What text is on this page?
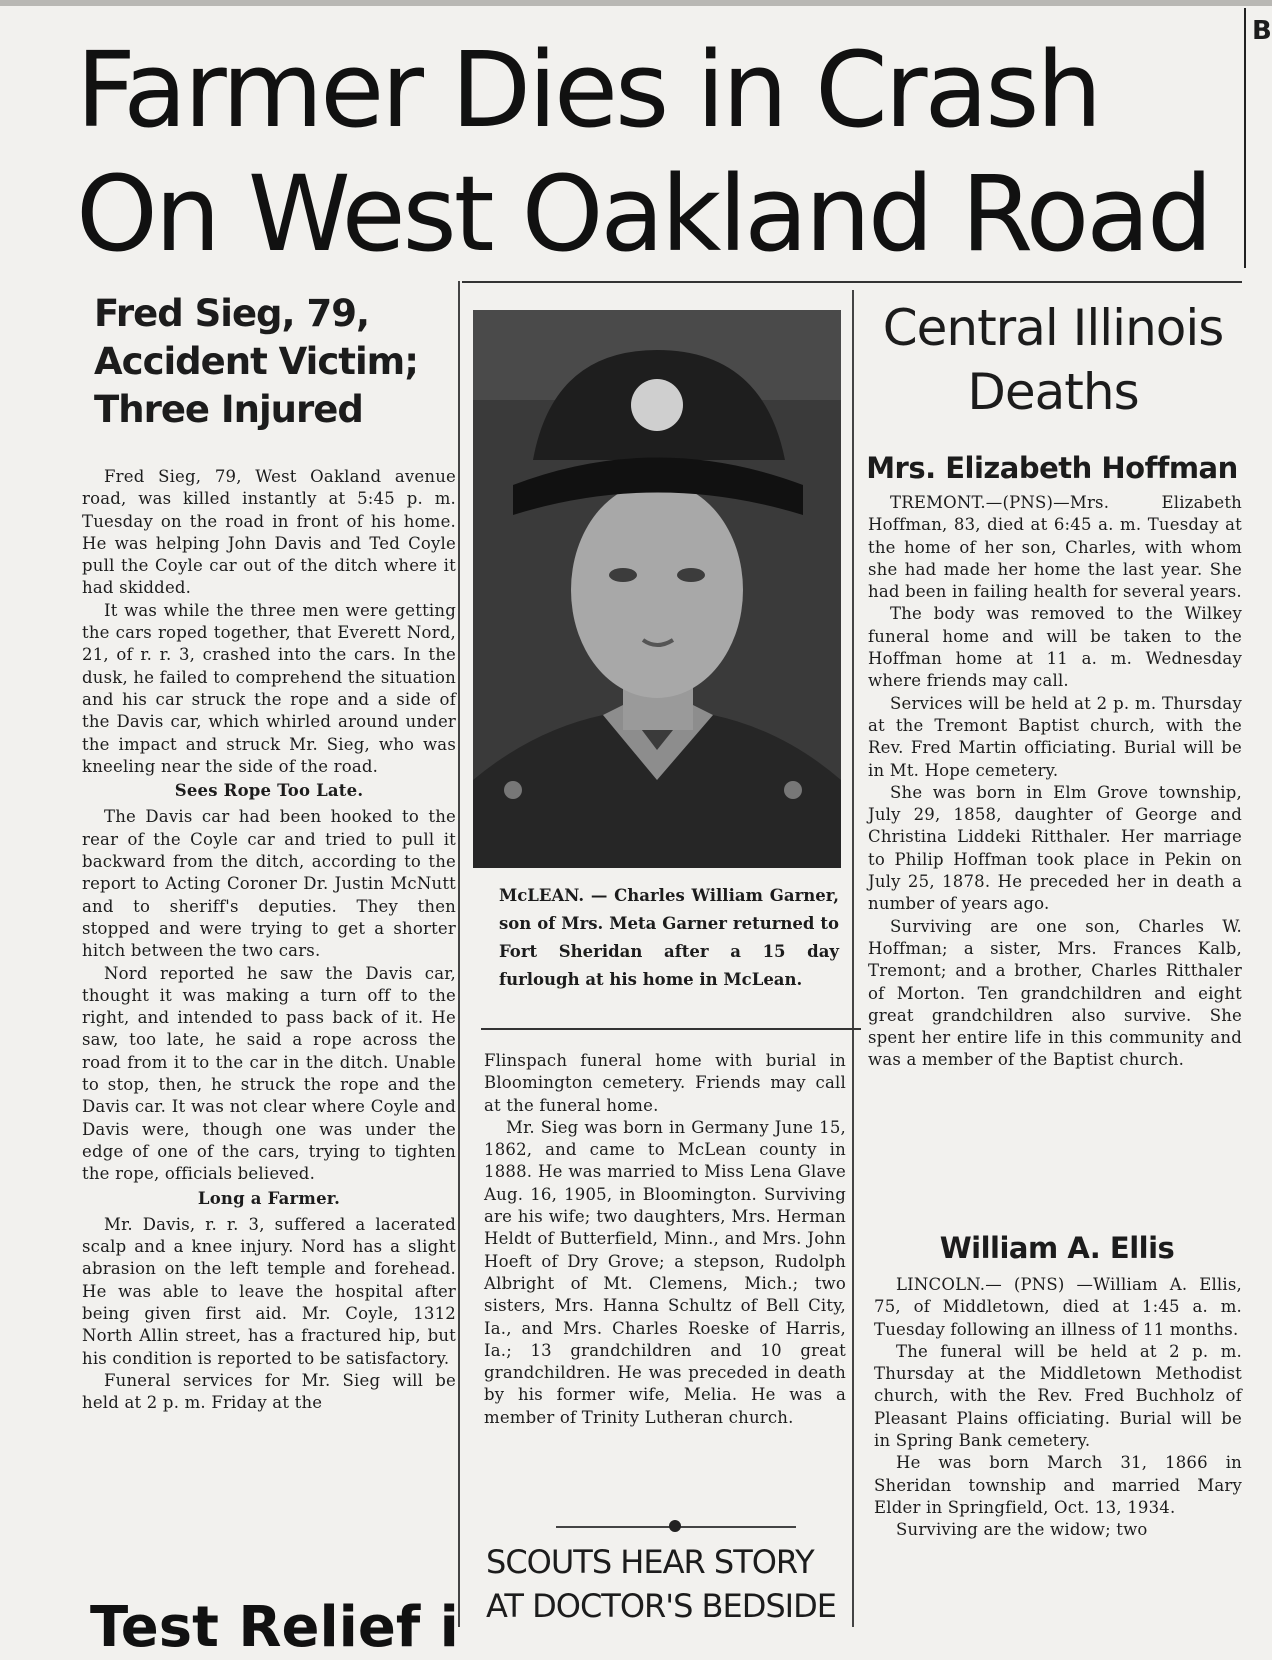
B
Farmer Dies in Crash
On West Oakland Road
Fred Sieg, 79,
Accident Victim;
Three Injured

Fred Sieg, 79, West Oakland avenue road, was killed instantly at 5:45 p. m. Tuesday on the road in front of his home. He was helping John Davis and Ted Coyle pull the Coyle car out of the ditch where it had skidded.

It was while the three men were getting the cars roped together, that Everett Nord, 21, of r. r. 3, crashed into the cars. In the dusk, he failed to comprehend the situation and his car struck the rope and a side of the Davis car, which whirled around under the impact and struck Mr. Sieg, who was kneeling near the side of the road.

Sees Rope Too Late.

The Davis car had been hooked to the rear of the Coyle car and tried to pull it backward from the ditch, according to the report to Acting Coroner Dr. Justin McNutt and to sheriff's deputies. They then stopped and were trying to get a shorter hitch between the two cars.

Nord reported he saw the Davis car, thought it was making a turn off to the right, and intended to pass back of it. He saw, too late, he said a rope across the road from it to the car in the ditch. Unable to stop, then, he struck the rope and the Davis car. It was not clear where Coyle and Davis were, though one was under the edge of one of the cars, trying to tighten the rope, officials believed.

Long a Farmer.

Mr. Davis, r. r. 3, suffered a lacerated scalp and a knee injury. Nord has a slight abrasion on the left temple and forehead. He was able to leave the hospital after being given first aid. Mr. Coyle, 1312 North Allin street, has a fractured hip, but his condition is reported to be satisfactory.

Funeral services for Mr. Sieg will be held at 2 p. m. Friday at the

McLEAN. — Charles William Garner, son of Mrs. Meta Garner returned to Fort Sheridan after a 15 day furlough at his home in McLean.

Flinspach funeral home with burial in Bloomington cemetery. Friends may call at the funeral home.

Mr. Sieg was born in Germany June 15, 1862, and came to McLean county in 1888. He was married to Miss Lena Glave Aug. 16, 1905, in Bloomington. Surviving are his wife; two daughters, Mrs. Herman Heldt of Butterfield, Minn., and Mrs. John Hoeft of Dry Grove; a stepson, Rudolph Albright of Mt. Clemens, Mich.; two sisters, Mrs. Hanna Schultz of Bell City, Ia., and Mrs. Charles Roeske of Harris, Ia.; 13 grandchildren and 10 great grandchildren. He was preceded in death by his former wife, Melia. He was a member of Trinity Lutheran church.

SCOUTS HEAR STORY
AT DOCTOR'S BEDSIDE
Central Illinois
Deaths
Mrs. Elizabeth Hoffman

TREMONT.—(PNS)—Mrs. Elizabeth Hoffman, 83, died at 6:45 a. m. Tuesday at the home of her son, Charles, with whom she had made her home the last year. She had been in failing health for several years.

The body was removed to the Wilkey funeral home and will be taken to the Hoffman home at 11 a. m. Wednesday where friends may call.

Services will be held at 2 p. m. Thursday at the Tremont Baptist church, with the Rev. Fred Martin officiating. Burial will be in Mt. Hope cemetery.

She was born in Elm Grove township, July 29, 1858, daughter of George and Christina Liddeki Ritthaler. Her marriage to Philip Hoffman took place in Pekin on July 25, 1878. He preceded her in death a number of years ago.

Surviving are one son, Charles W. Hoffman; a sister, Mrs. Frances Kalb, Tremont; and a brother, Charles Ritthaler of Morton. Ten grandchildren and eight great grandchildren also survive. She spent her entire life in this community and was a member of the Baptist church.

William A. Ellis

LINCOLN.— (PNS) —William A. Ellis, 75, of Middletown, died at 1:45 a. m. Tuesday following an illness of 11 months.

The funeral will be held at 2 p. m. Thursday at the Middletown Methodist church, with the Rev. Fred Buchholz of Pleasant Plains officiating. Burial will be in Spring Bank cemetery.

He was born March 31, 1866 in Sheridan township and married Mary Elder in Springfield, Oct. 13, 1934.

Surviving are the widow; two

Test Relief i
